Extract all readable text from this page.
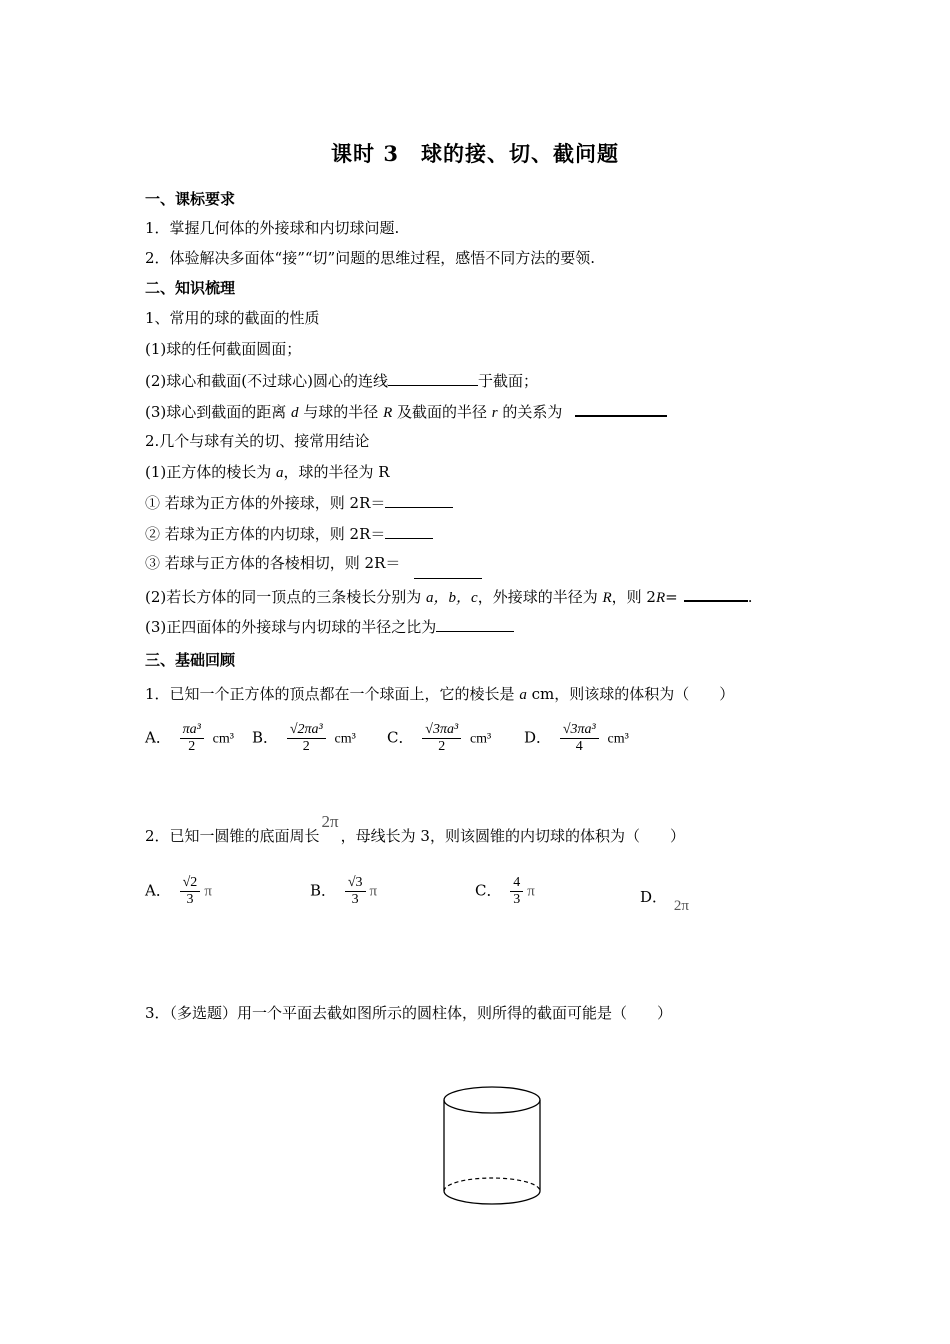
课时 3　球的接、切、截问题
一、课标要求
1．掌握几何体的外接球和内切球问题.
2．体验解决多面体“接”“切”问题的思维过程，感悟不同方法的要领.
二、知识梳理
1、常用的球的截面的性质
(1)球的任何截面圆面；
(2)球心和截面(不过球心)圆心的连线	于截面；
(3)球心到截面的距离 d 与球的半径 R 及截面的半径 r 的关系为
2.几个与球有关的切、接常用结论
(1)正方体的棱长为 a，球的半径为 R
① 若球为正方体的外接球，则 2R＝
② 若球为正方体的内切球，则 2R＝
③ 若球与正方体的各棱相切，则 2R＝
(2)若长方体的同一顶点的三条棱长分别为 a，b，c，外接球的半径为 R，则 2R=	.
(3)正四面体的外接球与内切球的半径之比为
三、基础回顾
1．已知一个正方体的顶点都在一个球面上，它的棱长是 a cm，则该球的体积为（　　）
A． $\frac{\text{πa³}}{2} cm^3$ B． $\frac{\text{√2πa³}}{2} cm^3$ C． $\frac{\text{√3πa³}}{2} cm^3$ D． $\frac{\text{√3πa³}}{4} cm^3$
2．已知一圆锥的底面周长2π，母线长为 3，则该圆锥的内切球的体积为（　　）
A． $\frac{√2}{3}$ π	B． $\frac{√3}{3}$ π	C． $\frac{4}{3}$ π	D． 2π
3．（多选题）用一个平面去截如图所示的圆柱体，则所得的截面可能是（　　）
